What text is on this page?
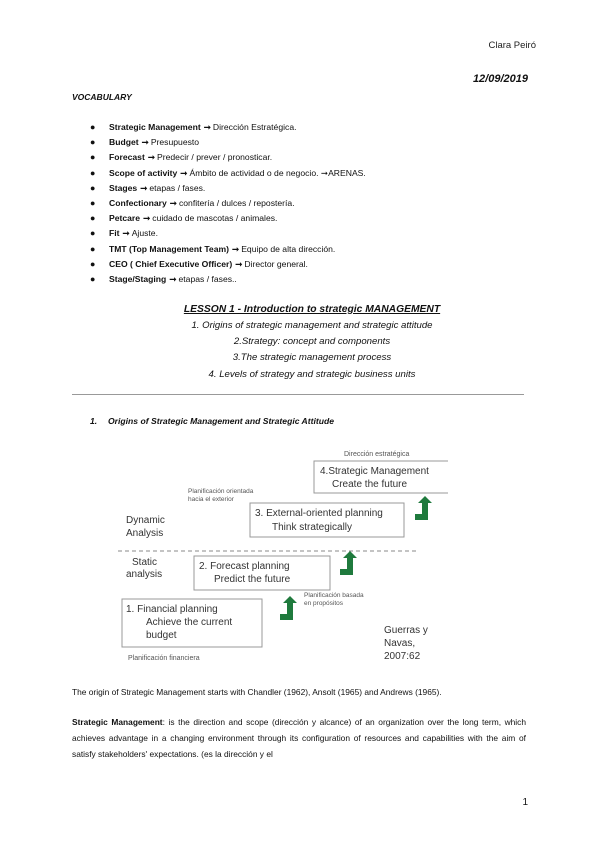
Clara Peiró
12/09/2019
VOCABULARY
● Strategic Management ➞ Dirección Estratégica.
● Budget ➞ Presupuesto
● Forecast ➞ Predecir / prever / pronosticar.
● Scope of activity ➞ Ámbito de actividad o de negocio. ➞ARENAS.
● Stages ➞ etapas / fases.
● Confectionary ➞ confitería / dulces / repostería.
● Petcare ➞ cuidado de mascotas / animales.
● Fit ➞ Ajuste.
● TMT (Top Management Team) ➞ Equipo de alta dirección.
● CEO ( Chief Executive Officer) ➞ Director general.
● Stage/Staging ➞ etapas / fases..
LESSON 1 - Introduction to strategic MANAGEMENT
1. Origins of strategic management and strategic attitude
2.Strategy: concept and components
3.The strategic management process
4. Levels of strategy and strategic business units
1. Origins of Strategic Management and Strategic Attitude
Dirección estratégica
4.Strategic Management
Create the future
Planificación orientada
hacia el exterior
3. External-oriented planning
Think strategically
Dynamic
Analysis
Static
analysis
2. Forecast planning
Predict the future
Planificación basada
en propósitos
1. Financial planning
Achieve the current
budget	Guerras y
Navas,
2007:62
Planificación financiera

The origin of Strategic Management starts with Chandler (1962), Ansolt (1965) and Andrews (1965).

Strategic Management: is the direction and scope (dirección y alcance) of an organization over the long term, which achieves advantage in a changing environment through its configuration of resources and capabilities with the aim of satisfy stakeholders' expectations. (es la dirección y el

1
